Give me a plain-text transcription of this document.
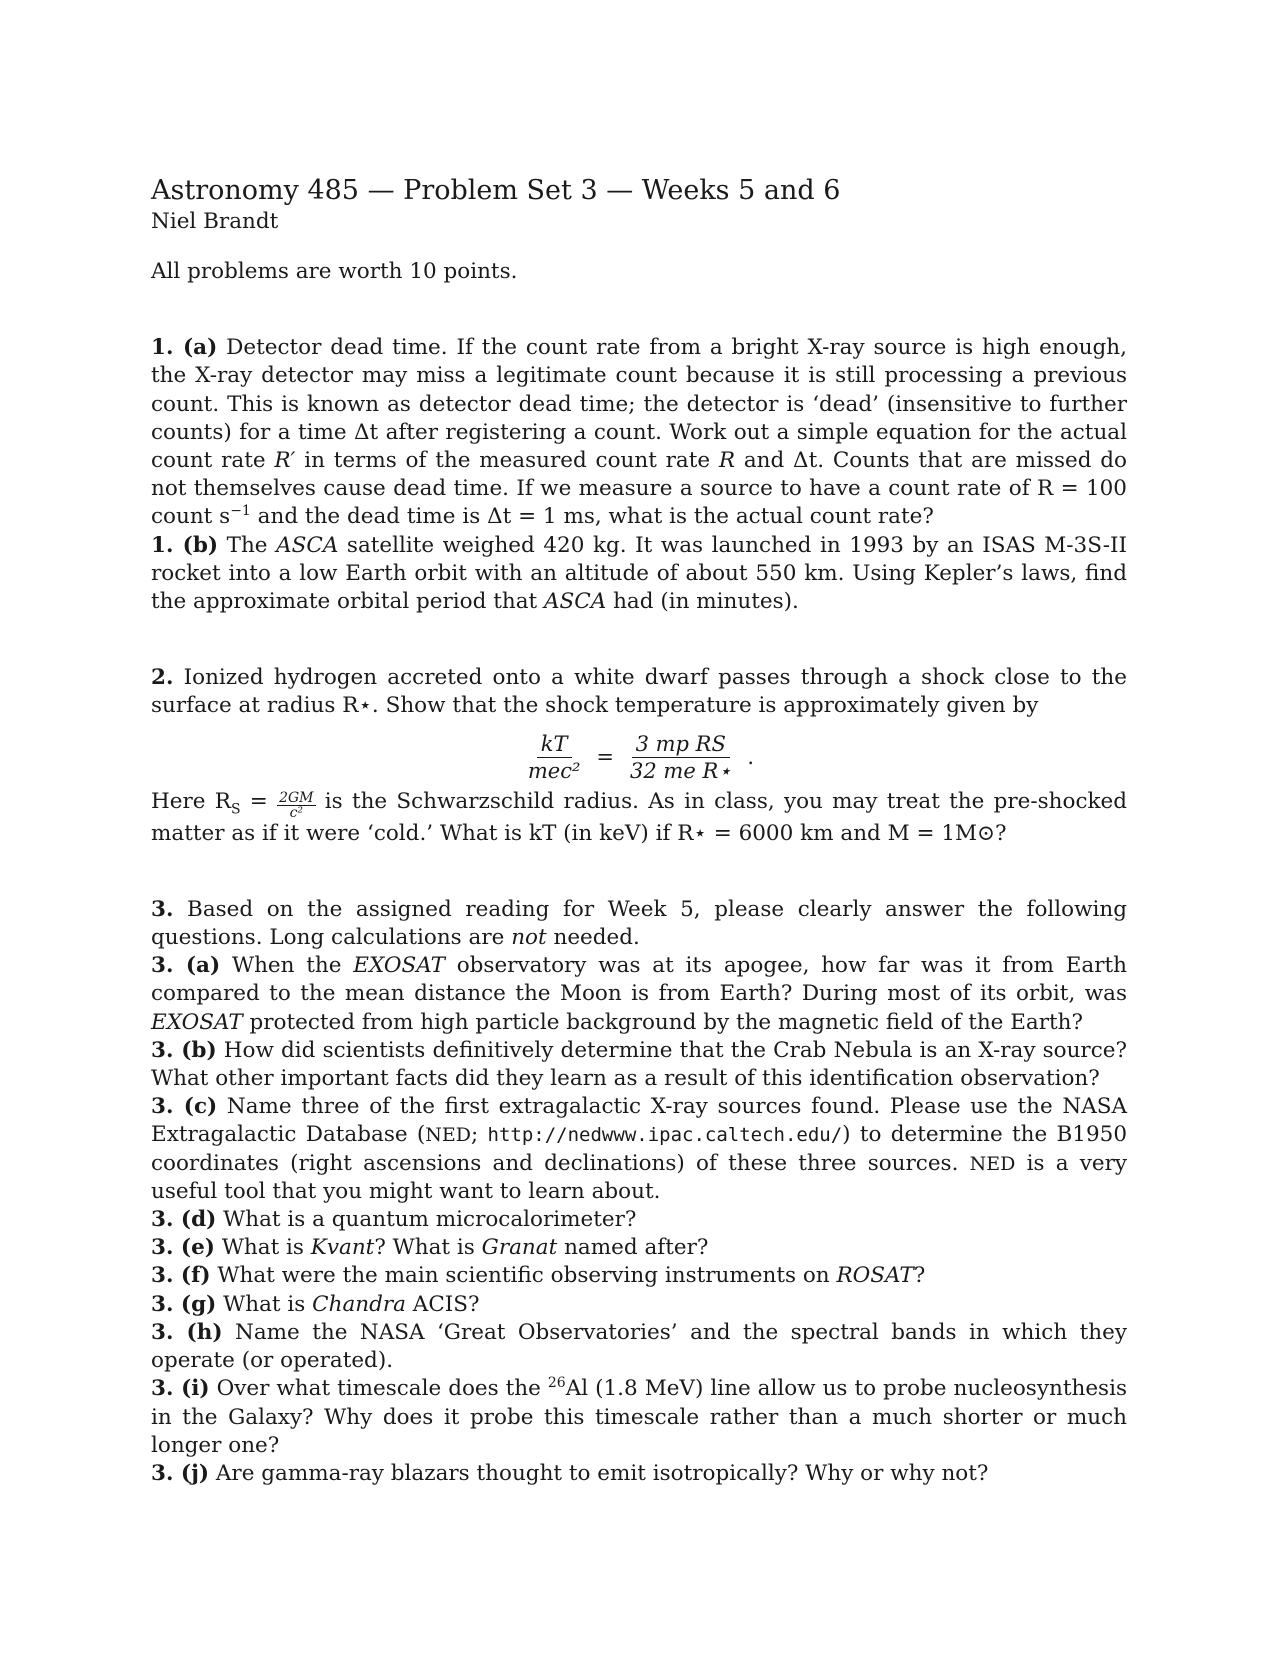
Astronomy 485 — Problem Set 3 — Weeks 5 and 6
Niel Brandt

All problems are worth 10 points.

1. (a) Detector dead time. If the count rate from a bright X-ray source is high enough, the X-ray detector may miss a legitimate count because it is still processing a previous count. This is known as detector dead time; the detector is ‘dead’ (insensitive to further counts) for a time Δt after registering a count. Work out a simple equation for the actual count rate R′ in terms of the measured count rate R and Δt. Counts that are missed do not themselves cause dead time. If we measure a source to have a count rate of R = 100 count $s^{-1}$ and the dead time is Δt = 1 ms, what is the actual count rate?

1. (b) The ASCA satellite weighed 420 kg. It was launched in 1993 by an ISAS M-3S-II rocket into a low Earth orbit with an altitude of about 550 km. Using Kepler’s laws, find the approximate orbital period that ASCA had (in minutes).

2. Ionized hydrogen accreted onto a white dwarf passes through a shock close to the surface at radius R⋆. Show that the shock temperature is approximately given by

$\frac{kT}{\text{mec²}} = \frac{\text{3 mp RS}}{\text{32 me R⋆}}$ .

Here $R_S = \frac{2GM}{\text{c²}}$ is the Schwarzschild radius. As in class, you may treat the pre-shocked matter as if it were ‘cold.’ What is kT (in keV) if R⋆ = 6000 km and M = 1M⊙?

3. Based on the assigned reading for Week 5, please clearly answer the following questions. Long calculations are not needed.

3. (a) When the EXOSAT observatory was at its apogee, how far was it from Earth compared to the mean distance the Moon is from Earth? During most of its orbit, was EXOSAT protected from high particle background by the magnetic field of the Earth?

3. (b) How did scientists definitively determine that the Crab Nebula is an X-ray source? What other important facts did they learn as a result of this identification observation?

3. (c) Name three of the first extragalactic X-ray sources found. Please use the NASA Extragalactic Database (NED; http://nedwww.ipac.caltech.edu/) to determine the B1950 coordinates (right ascensions and declinations) of these three sources. NED is a very useful tool that you might want to learn about.

3. (d) What is a quantum microcalorimeter?

3. (e) What is Kvant? What is Granat named after?

3. (f) What were the main scientific observing instruments on ROSAT?

3. (g) What is Chandra ACIS?

3. (h) Name the NASA ‘Great Observatories’ and the spectral bands in which they operate (or operated).

3. (i) Over what timescale does the $^{26}$Al (1.8 MeV) line allow us to probe nucleosynthesis in the Galaxy? Why does it probe this timescale rather than a much shorter or much longer one?

3. (j) Are gamma-ray blazars thought to emit isotropically? Why or why not?
